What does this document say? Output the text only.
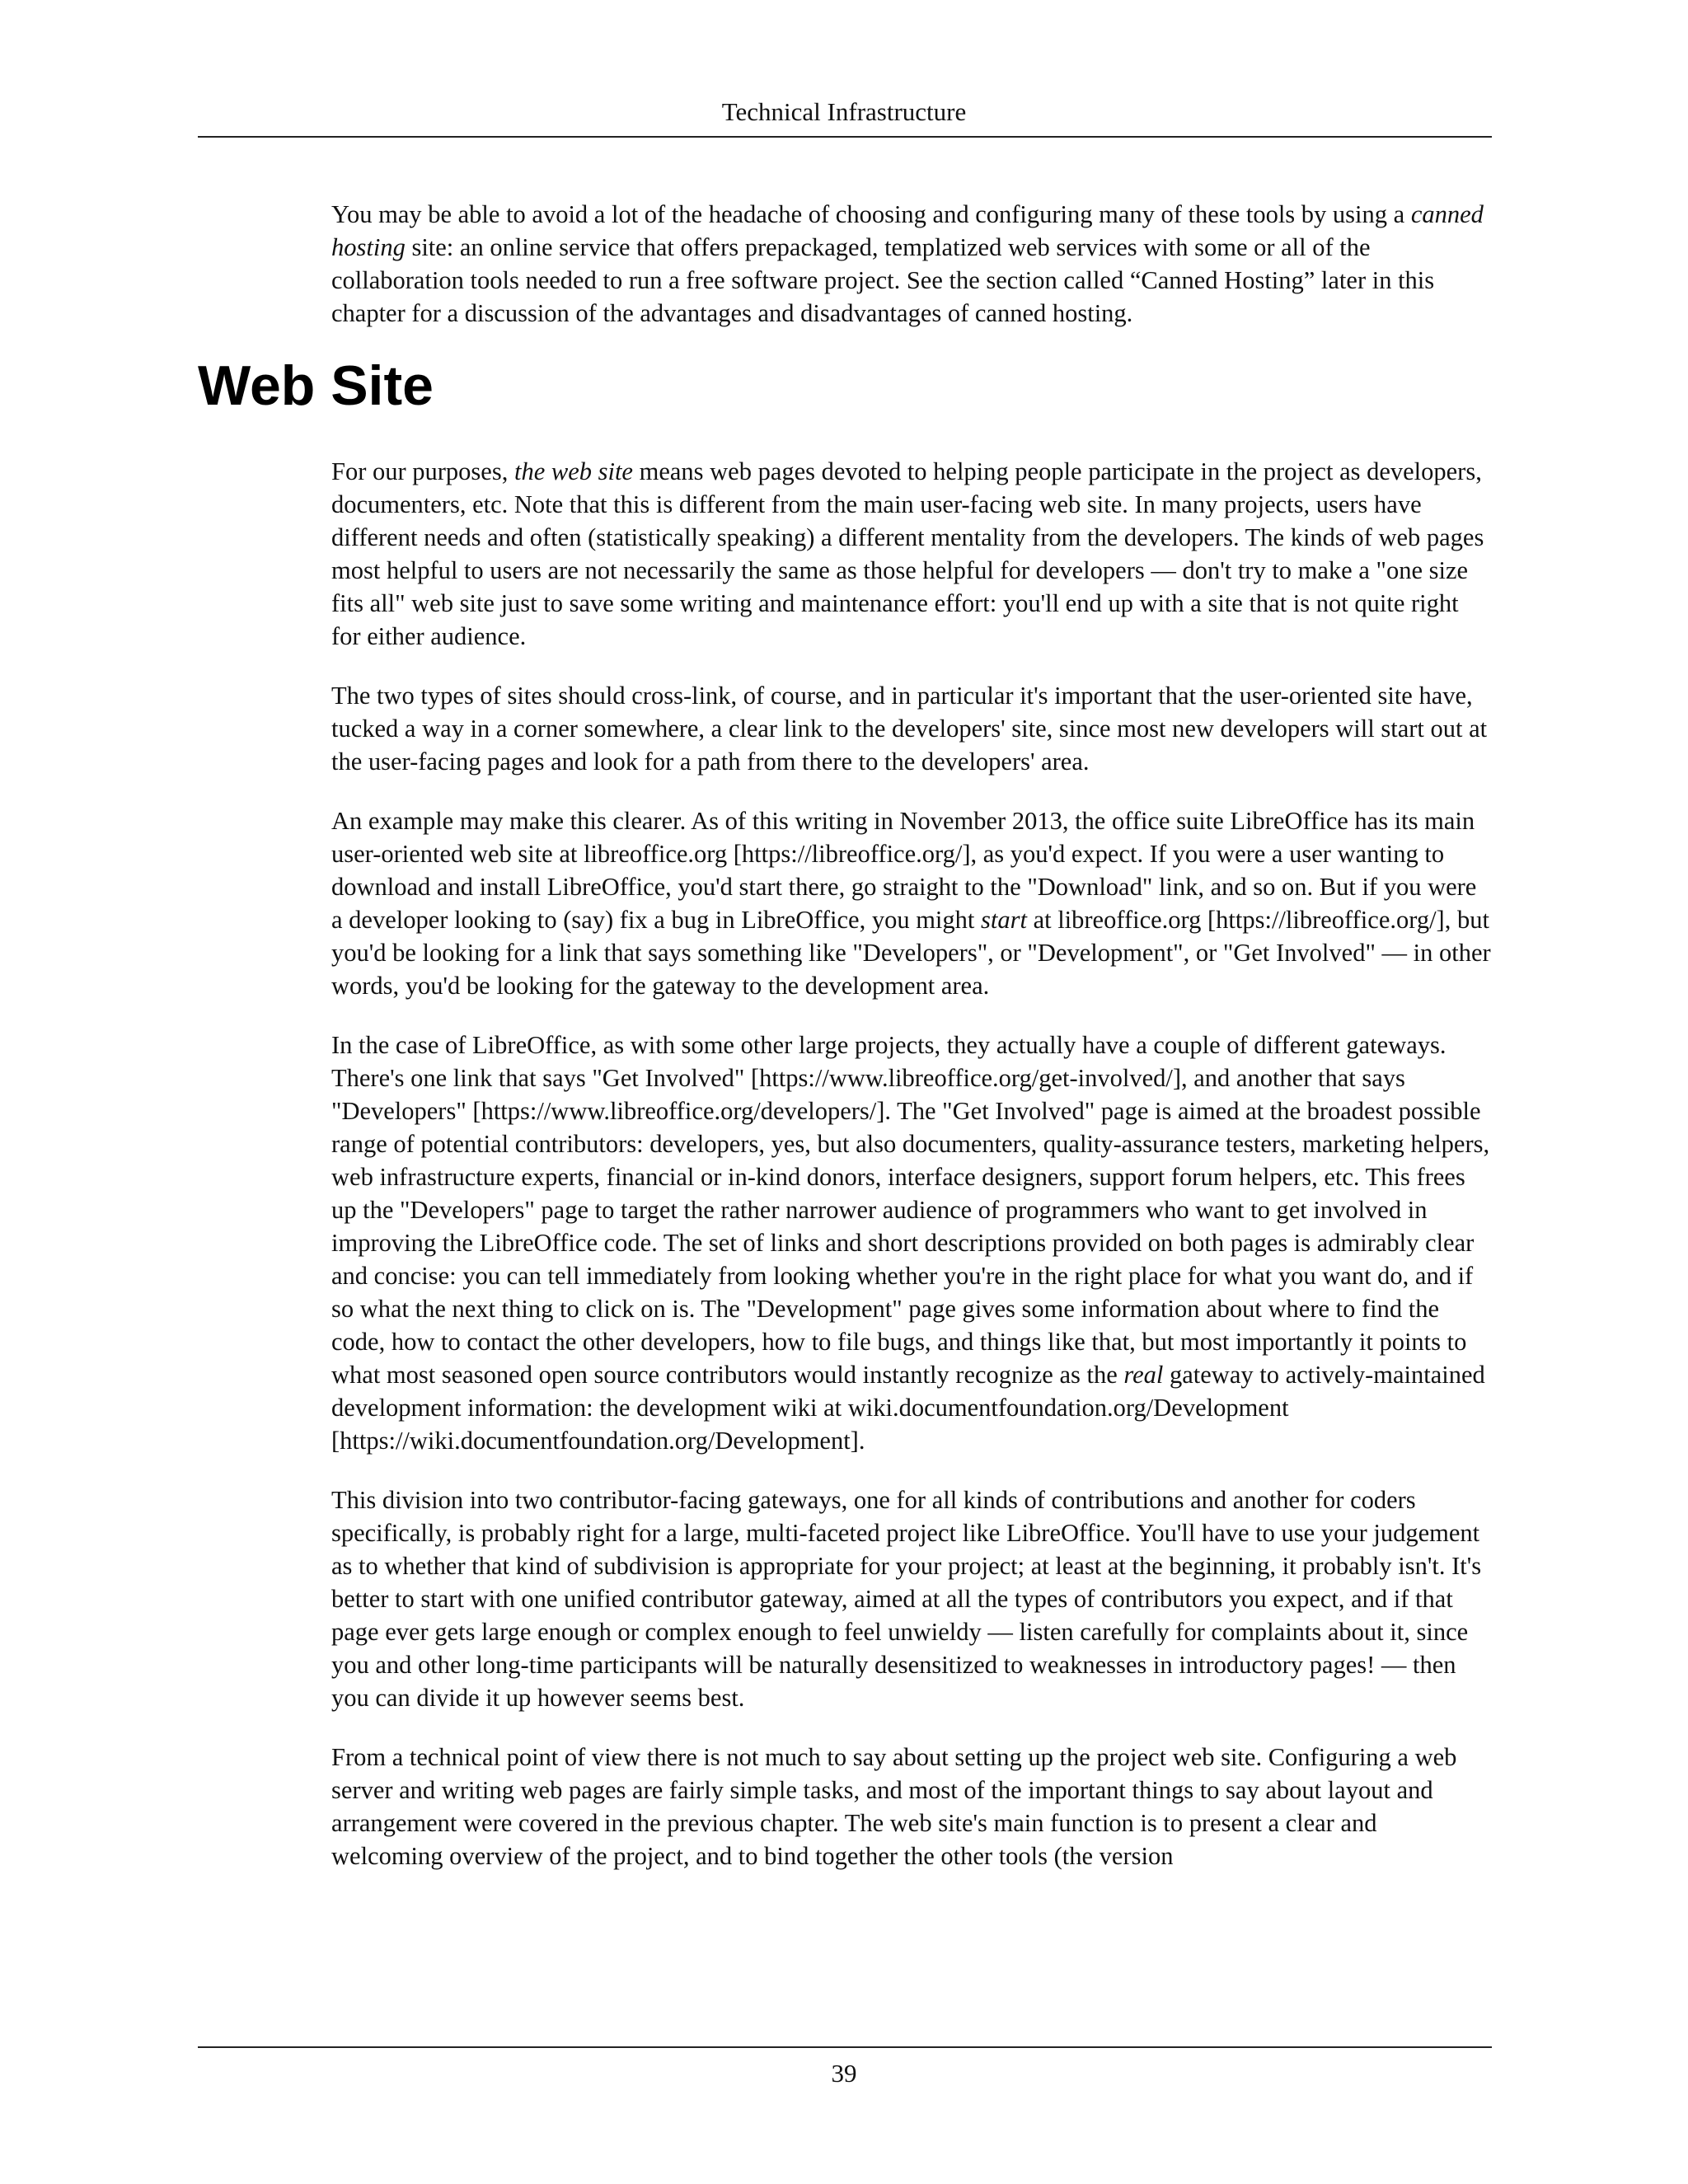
Technical Infrastructure

You may be able to avoid a lot of the headache of choosing and configuring many of these tools by using a canned hosting site: an online service that offers prepackaged, templatized web services with some or all of the collaboration tools needed to run a free software project. See the section called “Canned Hosting” later in this chapter for a discussion of the advantages and disadvantages of canned hosting.

Web Site

For our purposes, the web site means web pages devoted to helping people participate in the project as developers, documenters, etc. Note that this is different from the main user-facing web site. In many projects, users have different needs and often (statistically speaking) a different mentality from the developers. The kinds of web pages most helpful to users are not necessarily the same as those helpful for developers — don't try to make a "one size fits all" web site just to save some writing and maintenance effort: you'll end up with a site that is not quite right for either audience.

The two types of sites should cross-link, of course, and in particular it's important that the user-oriented site have, tucked a way in a corner somewhere, a clear link to the developers' site, since most new developers will start out at the user-facing pages and look for a path from there to the developers' area.

An example may make this clearer. As of this writing in November 2013, the office suite LibreOffice has its main user-oriented web site at libreoffice.org [https://libreoffice.org/], as you'd expect. If you were a user wanting to download and install LibreOffice, you'd start there, go straight to the "Download" link, and so on. But if you were a developer looking to (say) fix a bug in LibreOffice, you might start at libreoffice.org [https://libreoffice.org/], but you'd be looking for a link that says something like "Developers", or "Development", or "Get Involved" — in other words, you'd be looking for the gateway to the development area.

In the case of LibreOffice, as with some other large projects, they actually have a couple of different gateways. There's one link that says "Get Involved" [https://www.libreoffice.org/get-involved/], and another that says "Developers" [https://www.libreoffice.org/developers/]. The "Get Involved" page is aimed at the broadest possible range of potential contributors: developers, yes, but also documenters, quality-assurance testers, marketing helpers, web infrastructure experts, financial or in-kind donors, interface designers, support forum helpers, etc. This frees up the "Developers" page to target the rather narrower audience of programmers who want to get involved in improving the LibreOffice code. The set of links and short descriptions provided on both pages is admirably clear and concise: you can tell immediately from looking whether you're in the right place for what you want do, and if so what the next thing to click on is. The "Development" page gives some information about where to find the code, how to contact the other developers, how to file bugs, and things like that, but most importantly it points to what most seasoned open source contributors would instantly recognize as the real gateway to actively-maintained development information: the development wiki at wiki.documentfoundation.org/Development [https://wiki.documentfoundation.org/Development].

This division into two contributor-facing gateways, one for all kinds of contributions and another for coders specifically, is probably right for a large, multi-faceted project like LibreOffice. You'll have to use your judgement as to whether that kind of subdivision is appropriate for your project; at least at the beginning, it probably isn't. It's better to start with one unified contributor gateway, aimed at all the types of contributors you expect, and if that page ever gets large enough or complex enough to feel unwieldy — listen carefully for complaints about it, since you and other long-time participants will be naturally desensitized to weaknesses in introductory pages! — then you can divide it up however seems best.

From a technical point of view there is not much to say about setting up the project web site. Configuring a web server and writing web pages are fairly simple tasks, and most of the important things to say about layout and arrangement were covered in the previous chapter. The web site's main function is to present a clear and welcoming overview of the project, and to bind together the other tools (the version

39
